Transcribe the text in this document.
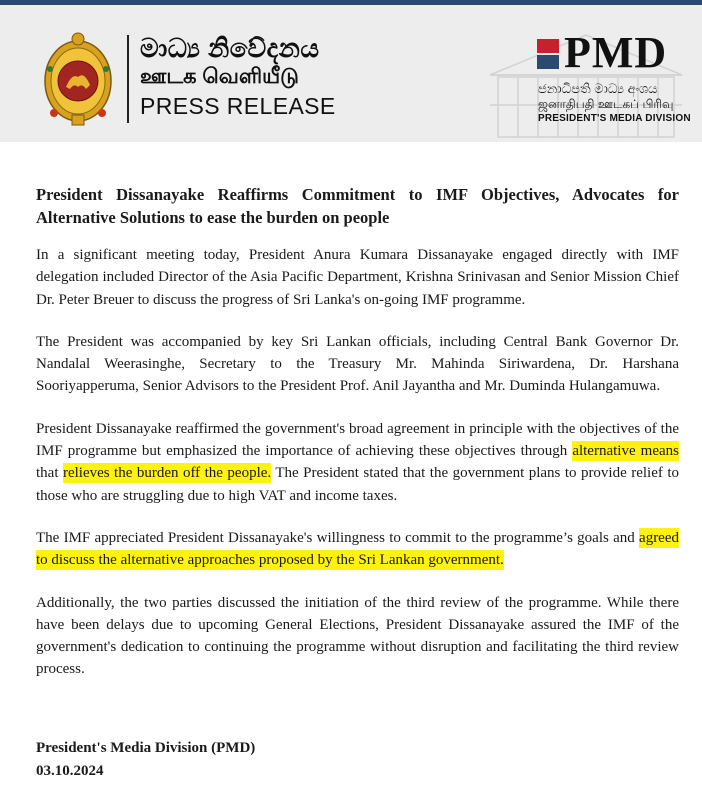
මාධ්‍ය නිවේදනය
ஊடக வெளியீடு
PRESS RELEASE
PMD
ජනාධිපති මාධ්‍ය අංශය
ஜனாதிபதி ஊடகப் பிரிவு
PRESIDENT'S MEDIA DIVISION
President Dissanayake Reaffirms Commitment to IMF Objectives, Advocates for Alternative Solutions to ease the burden on people

In a significant meeting today, President Anura Kumara Dissanayake engaged directly with IMF delegation included Director of the Asia Pacific Department, Krishna Srinivasan and Senior Mission Chief Dr. Peter Breuer to discuss the progress of Sri Lanka's on-going IMF programme.

The President was accompanied by key Sri Lankan officials, including Central Bank Governor Dr. Nandalal Weerasinghe, Secretary to the Treasury Mr. Mahinda Siriwardena, Dr. Harshana Sooriyapperuma, Senior Advisors to the President Prof. Anil Jayantha and Mr. Duminda Hulangamuwa.

President Dissanayake reaffirmed the government's broad agreement in principle with the objectives of the IMF programme but emphasized the importance of achieving these objectives through alternative means that relieves the burden off the people. The President stated that the government plans to provide relief to those who are struggling due to high VAT and income taxes.

The IMF appreciated President Dissanayake's willingness to commit to the programme’s goals and agreed to discuss the alternative approaches proposed by the Sri Lankan government.

Additionally, the two parties discussed the initiation of the third review of the programme. While there have been delays due to upcoming General Elections, President Dissanayake assured the IMF of the government's dedication to continuing the programme without disruption and facilitating the third review process.

President's Media Division (PMD)
03.10.2024
